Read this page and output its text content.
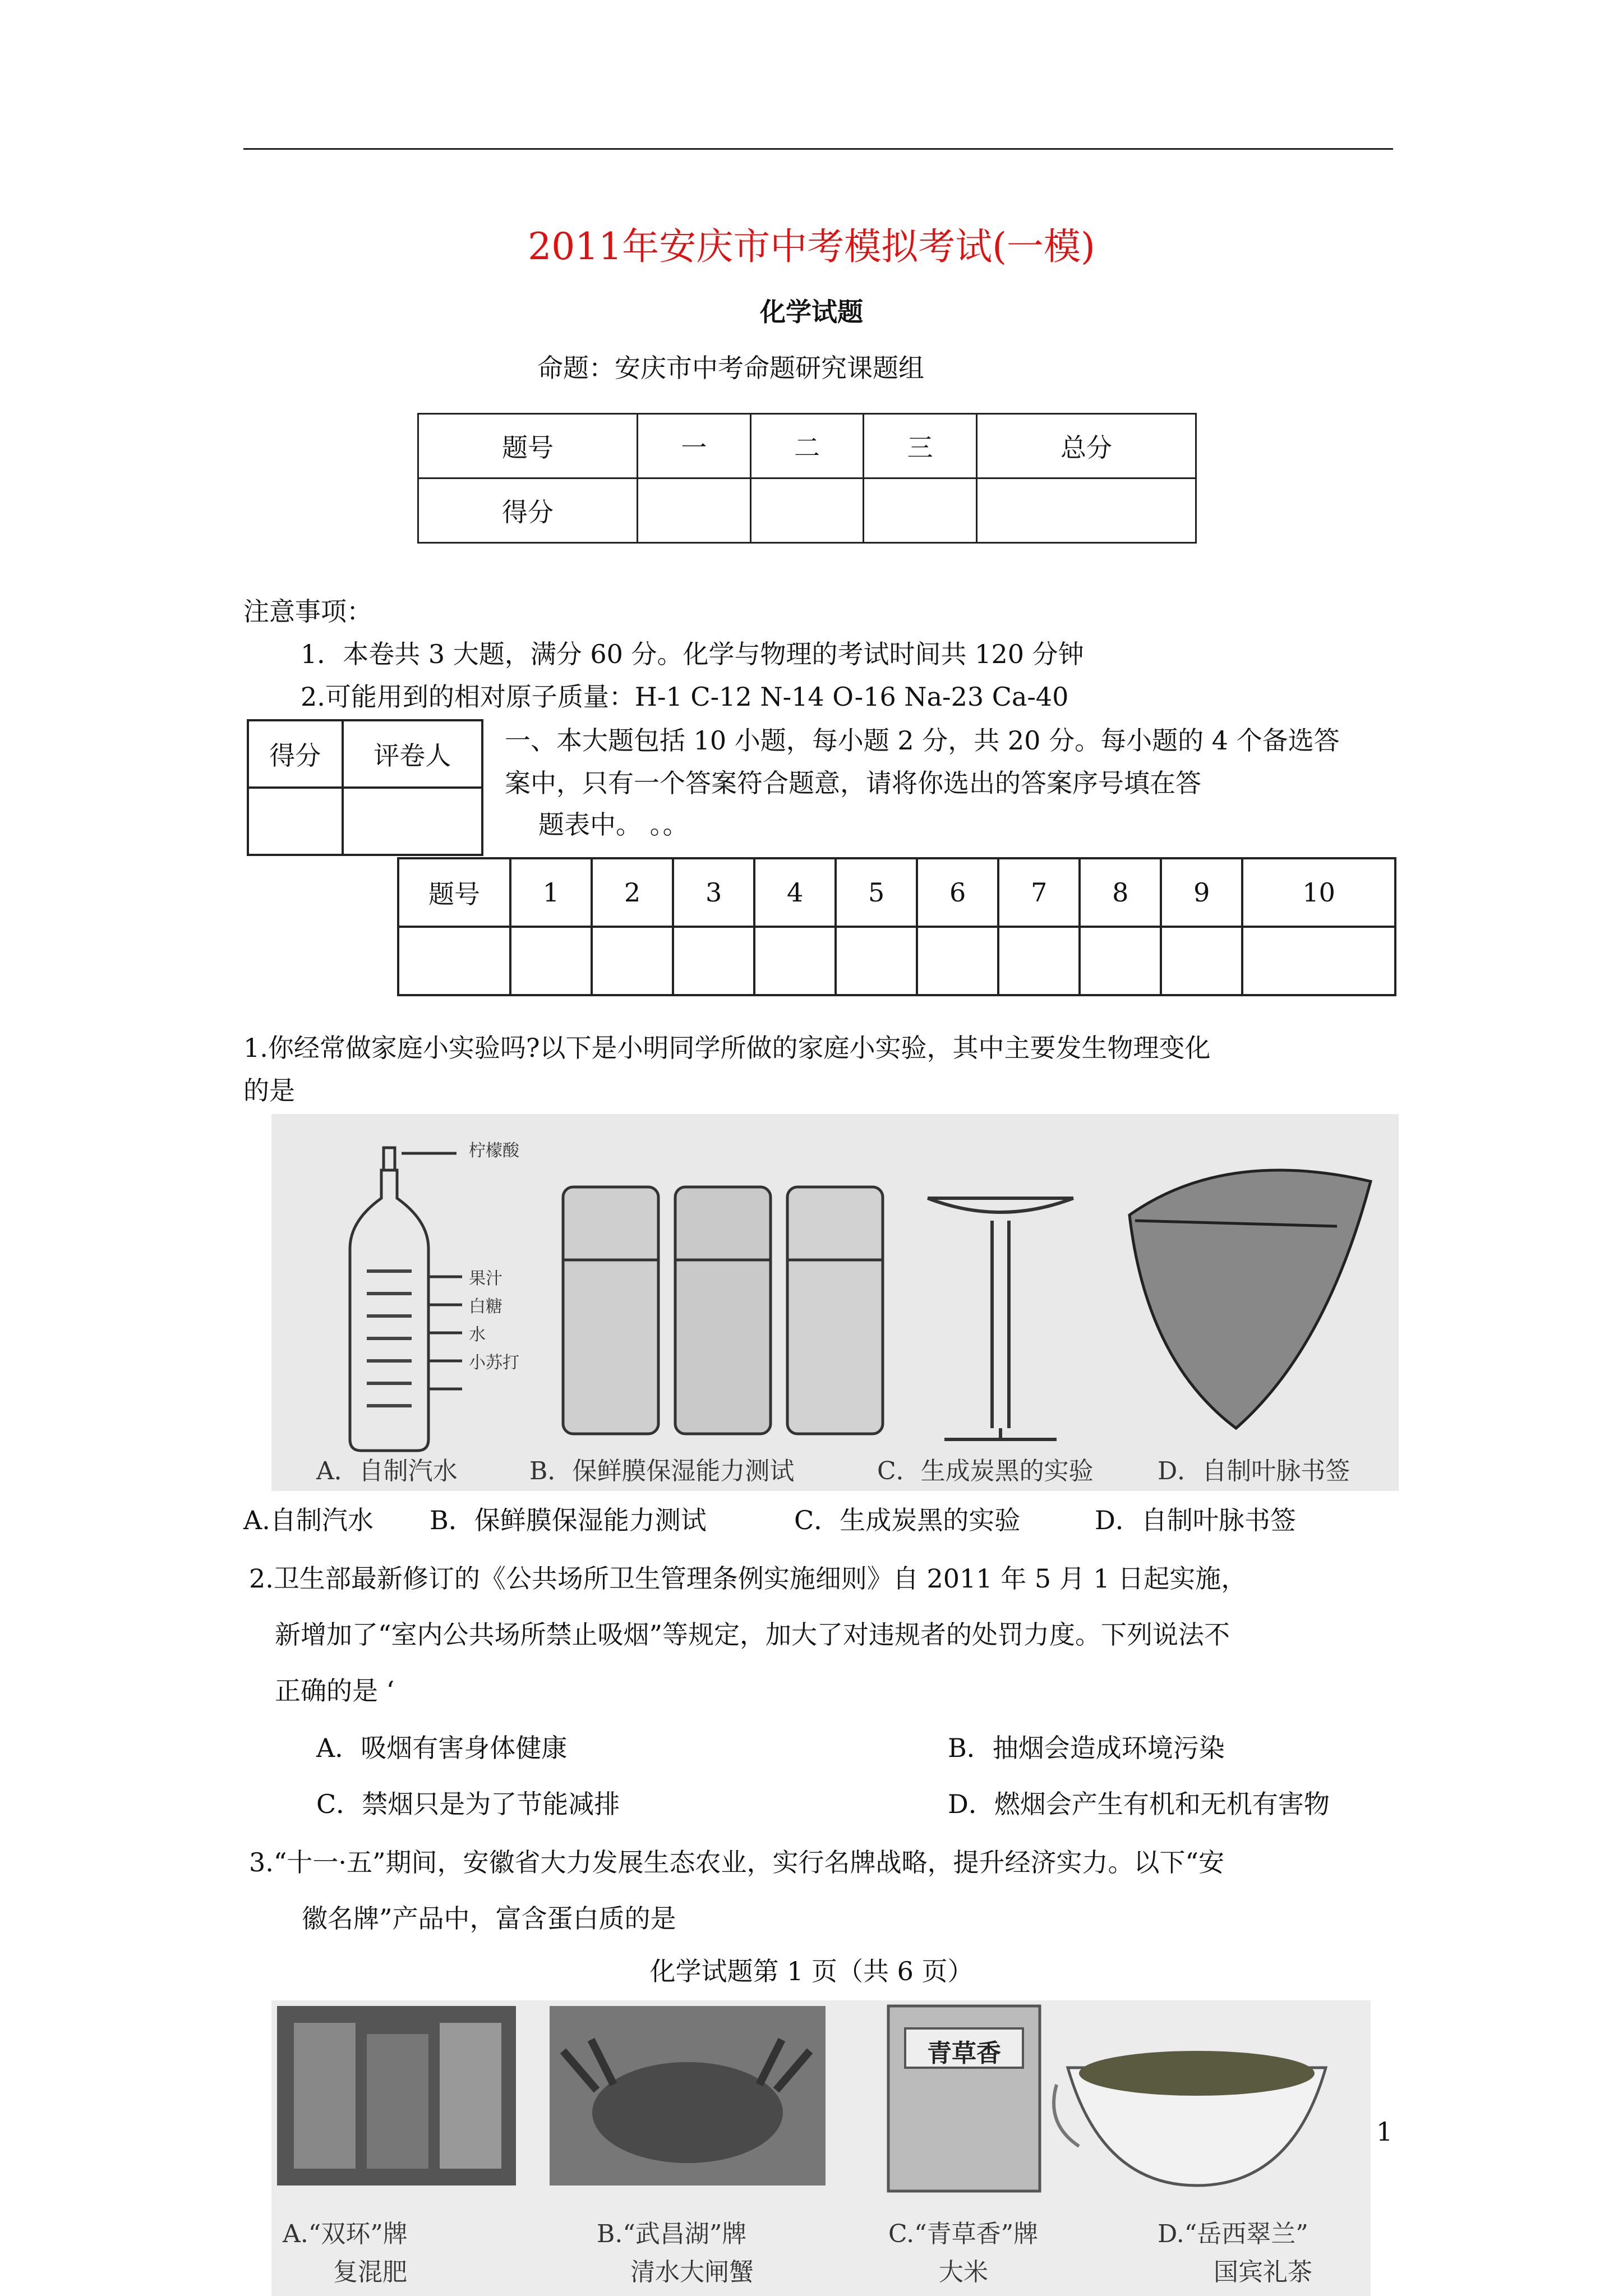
2011年安庆市中考模拟考试(一模)
化学试题
命题：安庆市中考命题研究课题组
题号	一	二	三	总分
得分				
注意事项：
1．本卷共 3 大题，满分 60 分。化学与物理的考试时间共 120 分钟
2.可能用到的相对原子质量：H-1 C-12 N-14 O-16 Na-23 Ca-40
得分	评卷人
	一、本大题包括 10 小题，每小题 2 分，共 20 分。每小题的 4 个备选答
案中，只有一个答案符合题意，请将你选出的答案序号填在答
题表中。 。。
题号	1	2	3	4	5	6	7	8	9	10

1.你经常做家庭小实验吗?以下是小明同学所做的家庭小实验，其中主要发生物理变化
的是
柠檬酸
果汁
白糖
水
小苏打
A．自制汽水	B．保鲜膜保湿能力测试	C．生成炭黑的实验	D．自制叶脉书签
A.自制汽水 B．保鲜膜保湿能力测试	C．生成炭黑的实验	D．自制叶脉书签
2.卫生部最新修订的《公共场所卫生管理条例实施细则》自 2011 年 5 月 1 日起实施，
新增加了“室内公共场所禁止吸烟”等规定，加大了对违规者的处罚力度。下列说法不
正确的是 ‘
A．吸烟有害身体健康	B．抽烟会造成环境污染
C．禁烟只是为了节能减排	D．燃烟会产生有机和无机有害物
3.“十一·五”期间，安徽省大力发展生态农业，实行名牌战略，提升经济实力。以下“安
徽名牌”产品中，富含蛋白质的是
化学试题第 1 页（共 6 页）
青草香
A.“双环”牌
复混肥
B.“武昌湖”牌
清水大闸蟹
C.“青草香”牌
大米
D.“岳西翠兰”
国宾礼茶
1
